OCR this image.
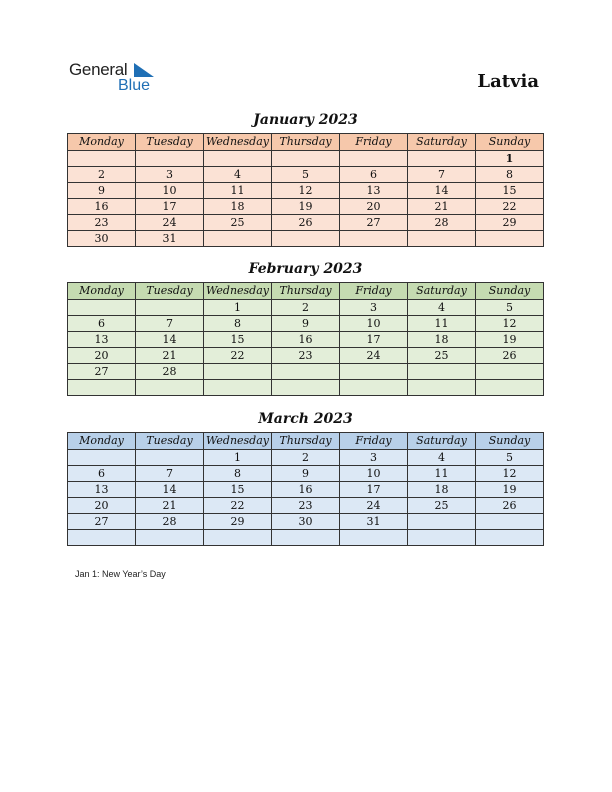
General
Blue	Latvia
January 2023
Monday	Tuesday	Wednesday	Thursday	Friday	Saturday	Sunday
						1
2	3	4	5	6	7	8
9	10	11	12	13	14	15
16	17	18	19	20	21	22
23	24	25	26	27	28	29
30	31					
February 2023
Monday	Tuesday	Wednesday	Thursday	Friday	Saturday	Sunday
		1	2	3	4	5
6	7	8	9	10	11	12
13	14	15	16	17	18	19
20	21	22	23	24	25	26
27	28					

March 2023
Monday	Tuesday	Wednesday	Thursday	Friday	Saturday	Sunday
		1	2	3	4	5
6	7	8	9	10	11	12
13	14	15	16	17	18	19
20	21	22	23	24	25	26
27	28	29	30	31		

Jan 1: New Year’s Day
